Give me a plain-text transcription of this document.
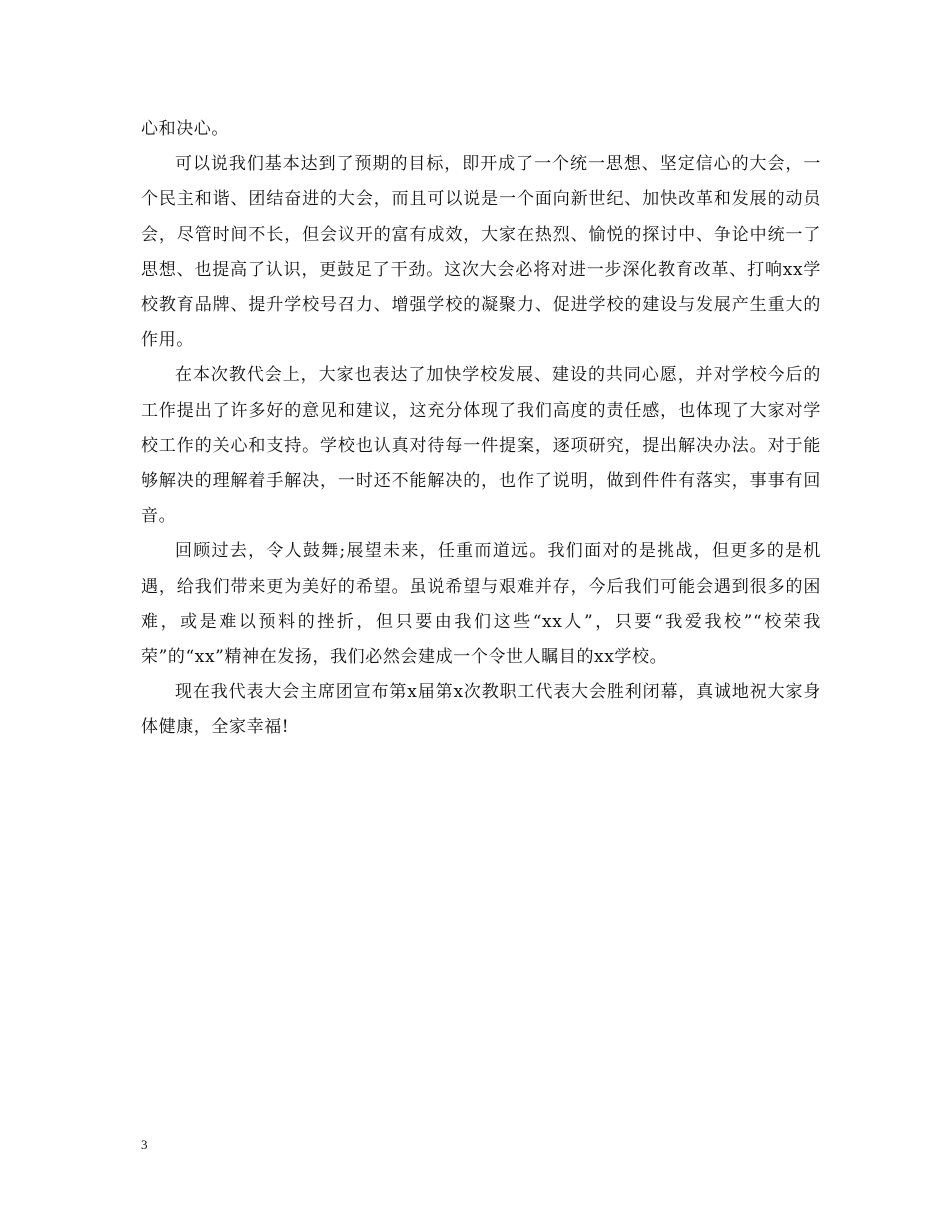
心和决心。

可以说我们基本达到了预期的目标，即开成了一个统一思想、坚定信心的大会，一个民主和谐、团结奋进的大会，而且可以说是一个面向新世纪、加快改革和发展的动员会，尽管时间不长，但会议开的富有成效，大家在热烈、愉悦的探讨中、争论中统一了思想、也提高了认识，更鼓足了干劲。这次大会必将对进一步深化教育改革、打响xx学校教育品牌、提升学校号召力、增强学校的凝聚力、促进学校的建设与发展产生重大的作用。

在本次教代会上，大家也表达了加快学校发展、建设的共同心愿，并对学校今后的工作提出了许多好的意见和建议，这充分体现了我们高度的责任感，也体现了大家对学校工作的关心和支持。学校也认真对待每一件提案，逐项研究，提出解决办法。对于能够解决的理解着手解决，一时还不能解决的，也作了说明，做到件件有落实，事事有回音。

回顾过去，令人鼓舞;展望未来，任重而道远。我们面对的是挑战，但更多的是机遇，给我们带来更为美好的希望。虽说希望与艰难并存，今后我们可能会遇到很多的困难，或是难以预料的挫折，但只要由我们这些“xx人”，只要“我爱我校”“校荣我荣”的“xx”精神在发扬，我们必然会建成一个令世人瞩目的xx学校。

现在我代表大会主席团宣布第x届第x次教职工代表大会胜利闭幕，真诚地祝大家身体健康，全家幸福!

3
